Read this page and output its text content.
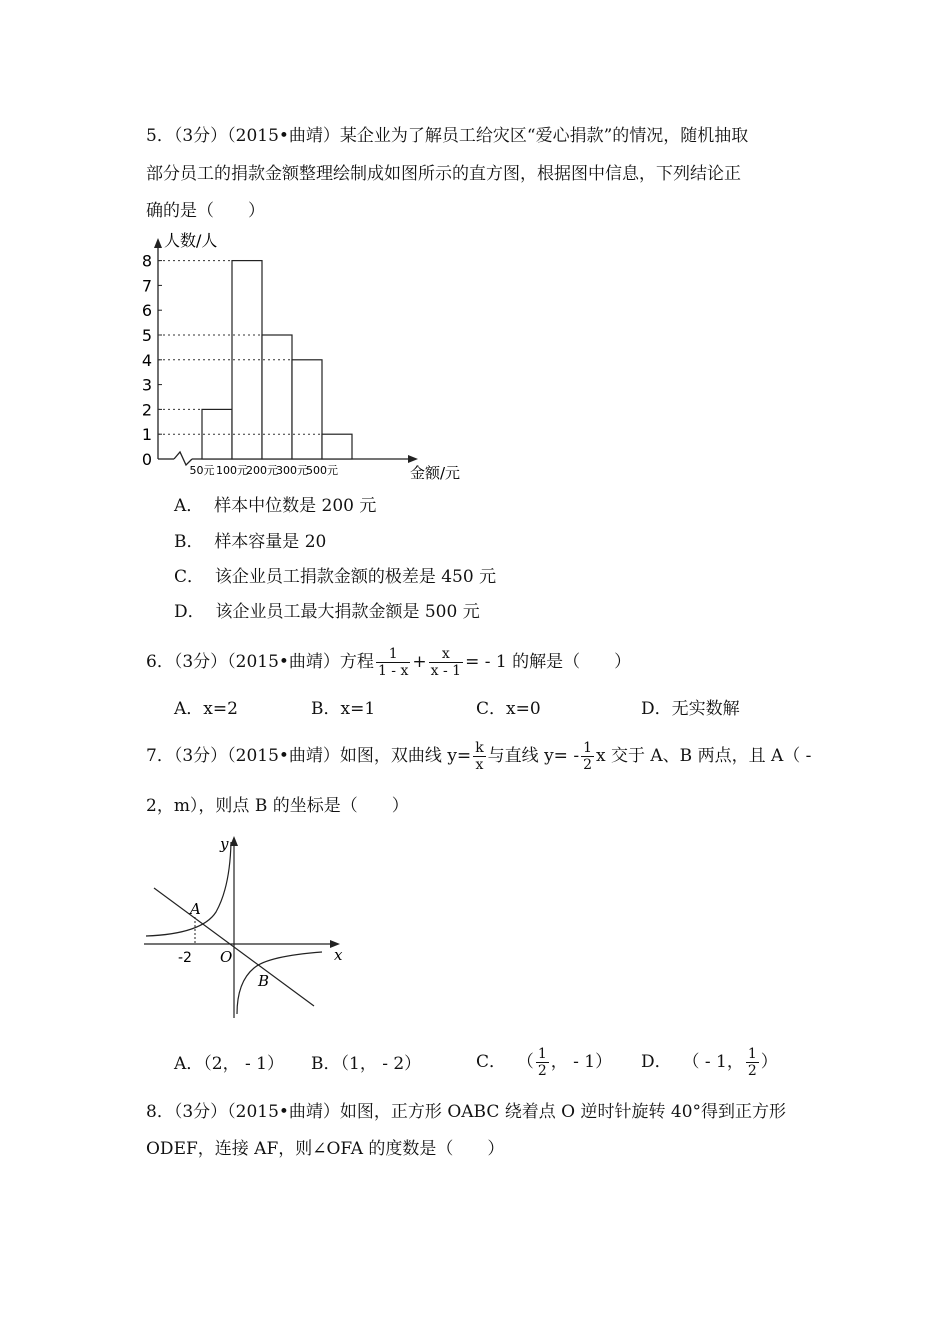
5．（3分）（2015•曲靖）某企业为了解员工给灾区“爱心捐款”的情况，随机抽取
部分员工的捐款金额整理绘制成如图所示的直方图，根据图中信息，下列结论正
确的是（　　）
0
1
2
3
4
5
6
7
8
50元 100元
200元
300元
500元
人数/人
金额/元
A． 样本中位数是 200 元
B． 样本容量是 20
C． 该企业员工捐款金额的极差是 450 元
D． 该企业员工最大捐款金额是 500 元
6．（3分）（2015•曲靖）方程 $\frac{1}{1 - x} + \frac{x}{x - 1}$ = - 1 的解是（　　）
A．x=2	B．x=1	C．x=0	D．无实数解
7．（3分）（2015•曲靖）如图，双曲线 $y= \frac{k}{x}$ 与直线 $y= - \frac{1}{2}$ x 交于 A、B 两点，且 A（ -
2，m），则点 B 的坐标是（　　）
y
x
A
B
O
-2
A．（2， - 1） B．（1， - 2）	C． （ $\frac{1}{2}$ ， - 1） D． （ - 1， $\frac{1}{2}$ ）
8．（3分）（2015•曲靖）如图，正方形 OABC 绕着点 O 逆时针旋转 40°得到正方形
ODEF，连接 AF，则∠OFA 的度数是（　　）
